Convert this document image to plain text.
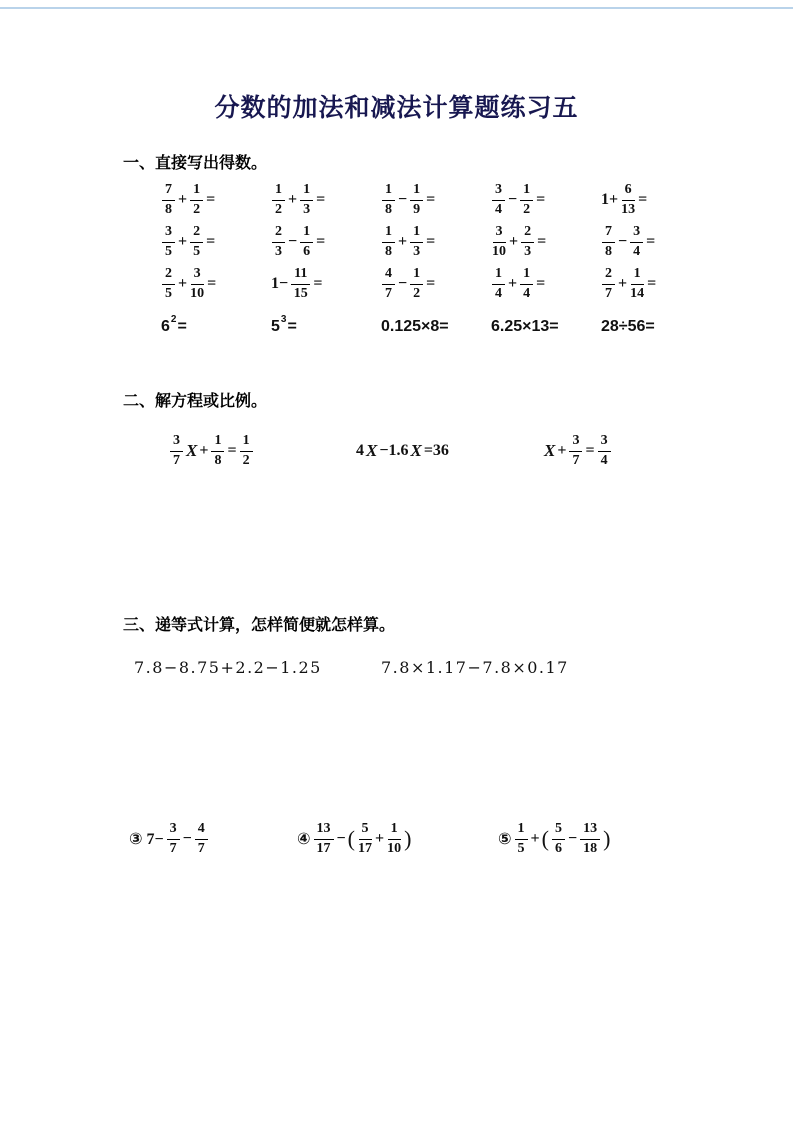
分数的加法和减法计算题练习五
一、直接写出得数。
$\frac{7}{8} + \frac{1}{2}$ =	$\frac{1}{2} + \frac{1}{3}$ =	$\frac{1}{8} - \frac{1}{9}$ =	$\frac{3}{4} - \frac{1}{2}$ =	$1+ \frac{6}{13}$ =
$\frac{3}{5} + \frac{2}{5}$ =	$\frac{2}{3} - \frac{1}{6}$ =	$\frac{1}{8} + \frac{1}{3}$ =	$\frac{3}{10} + \frac{2}{3}$ =	$\frac{7}{8} - \frac{3}{4}$ =
$\frac{2}{5} + \frac{3}{10}$ =	$1- \frac{11}{15}$ =	$\frac{4}{7} - \frac{1}{2}$ =	$\frac{1}{4} + \frac{1}{4}$ =	$\frac{2}{7} + \frac{1}{14}$ =
$6^2$ =	$5^3$ =	0.125×8=	6.25×13=	28÷56=
二、解方程或比例。
$\frac{3}{7}$ $X + \frac{1}{8} = \frac{1}{2}$	4 X −1.6 X =36	$X + \frac{3}{7} = \frac{3}{4}$
三、递等式计算，怎样简便就怎样算。
7.8−8.75+2.2−1.25	7.8×1.17−7.8×0.17
③ $7- \frac{3}{7} - \frac{4}{7}$	④ $\frac{13}{17}$ − ( $\frac{5}{17} + \frac{1}{10}$ )	⑤ $\frac{1}{5}$ + ( $\frac{5}{6} - \frac{13}{18}$ )
